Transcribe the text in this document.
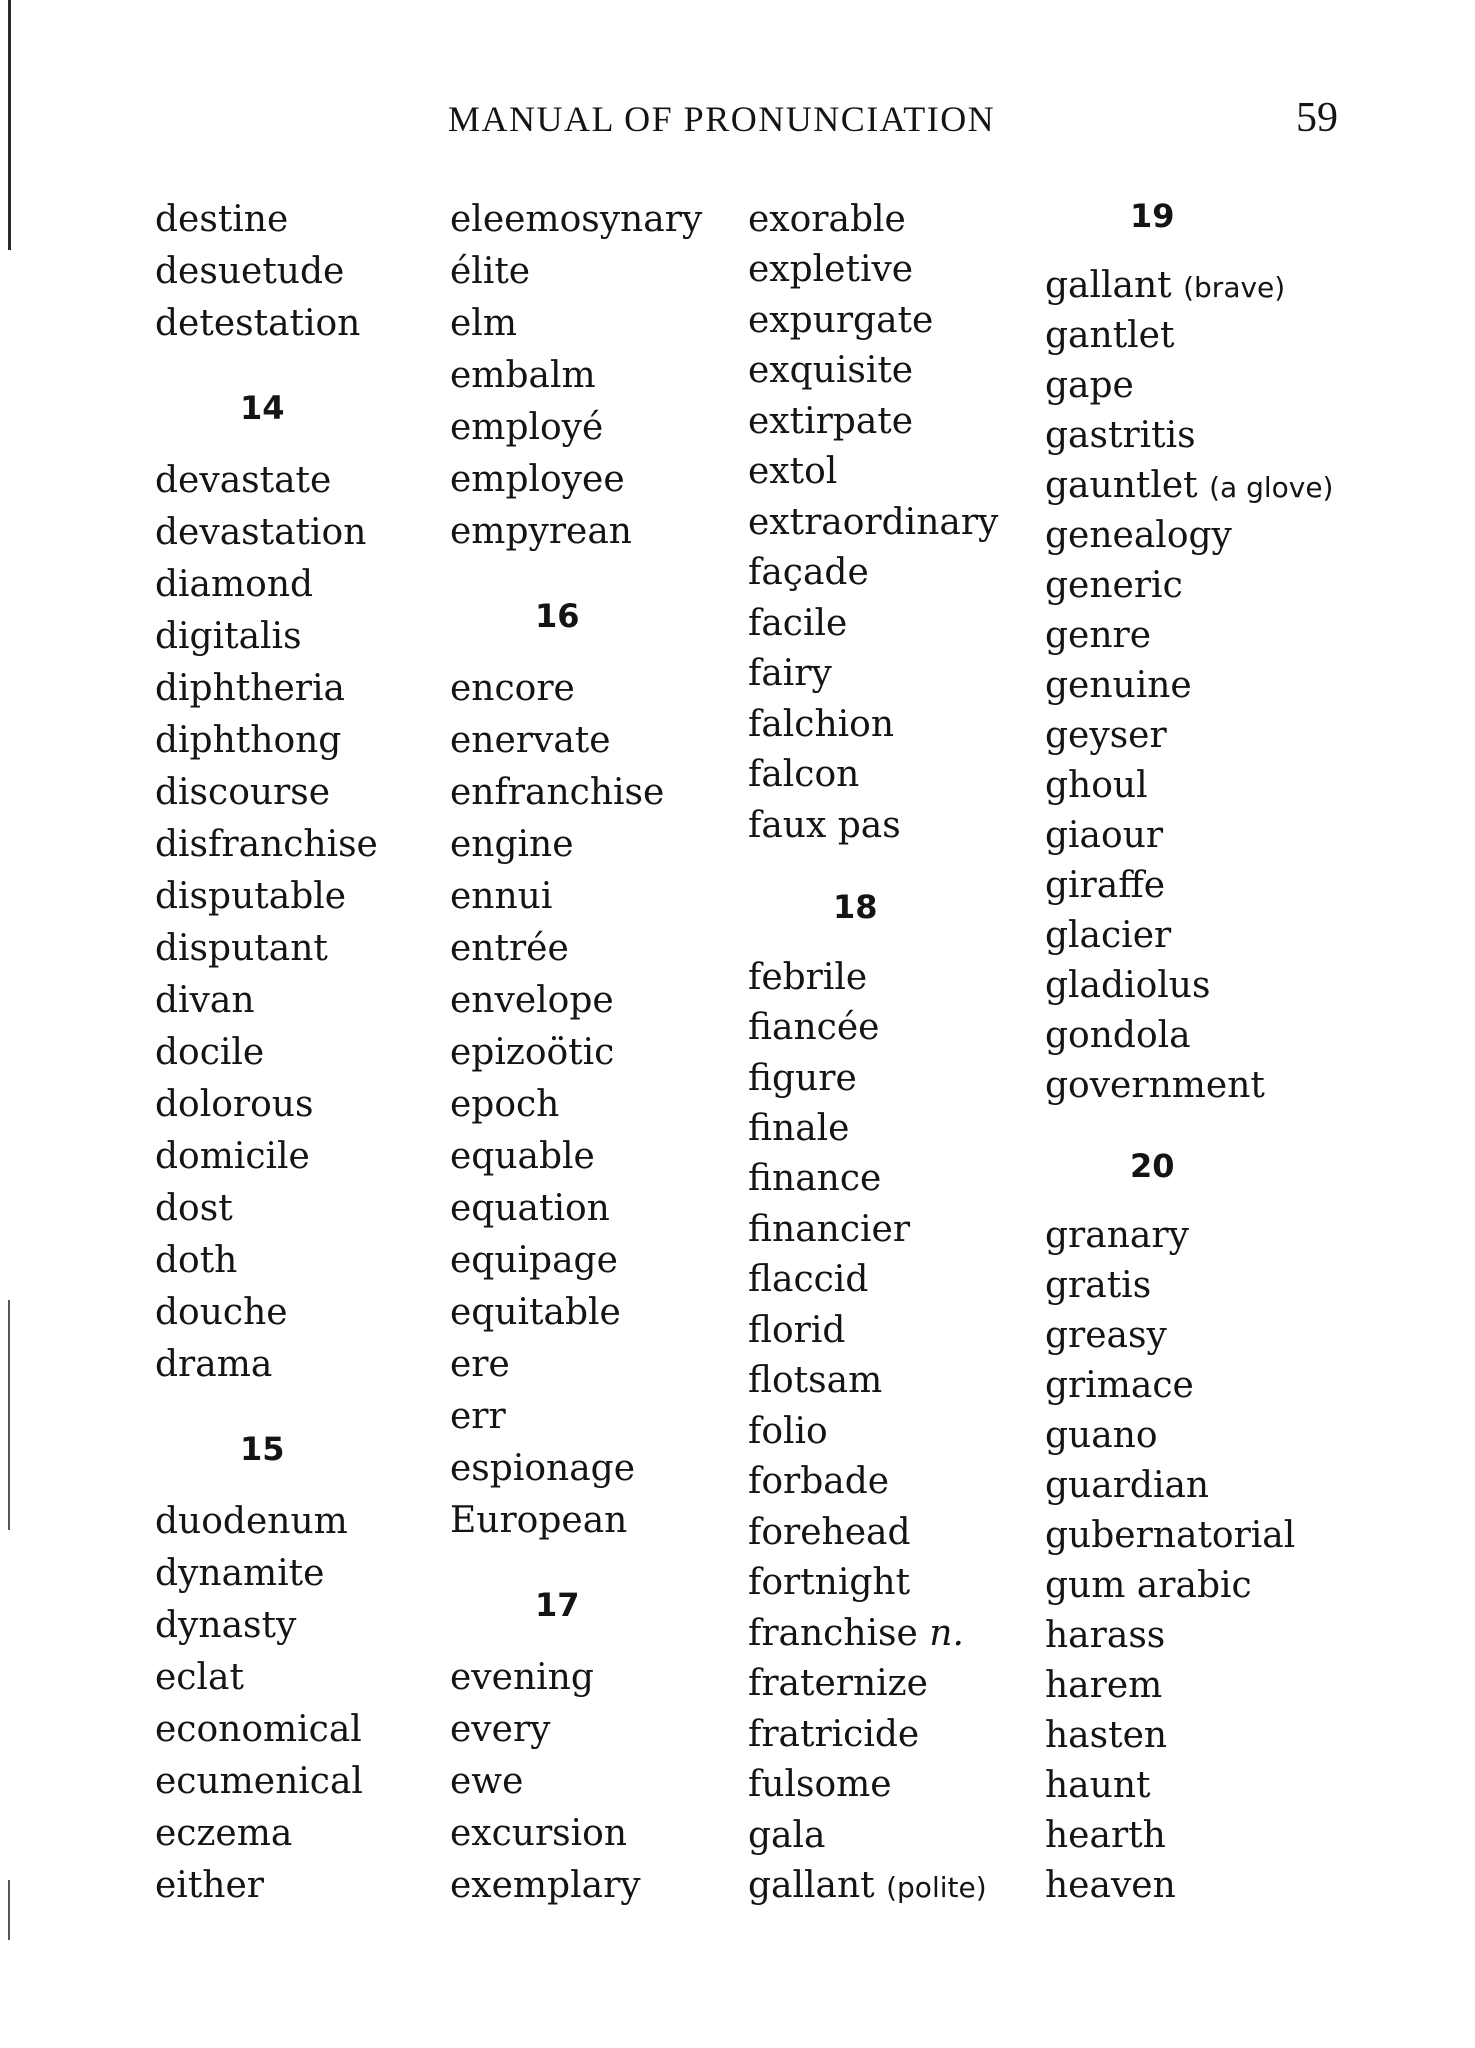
MANUAL OF PRONUNCIATION	59
destine
desuetude
detestation
14
devastate
devastation
diamond
digitalis
diphtheria
diphthong
discourse
disfranchise
disputable
disputant
divan
docile
dolorous
domicile
dost
doth
douche
drama
15
duodenum
dynamite
dynasty
eclat
economical
ecumenical
eczema
either
eleemosynary
élite
elm
embalm
employé
employee
empyrean
16
encore
enervate
enfranchise
engine
ennui
entrée
envelope
epizoötic
epoch
equable
equation
equipage
equitable
ere
err
espionage
European
17
evening
every
ewe
excursion
exemplary
exorable
expletive
expurgate
exquisite
extirpate
extol
extraordinary
façade
facile
fairy
falchion
falcon
faux pas
18
febrile
fiancée
figure
finale
finance
financier
flaccid
florid
flotsam
folio
forbade
forehead
fortnight
franchise n.
fraternize
fratricide
fulsome
gala
gallant (polite)
19
gallant (brave)
gantlet
gape
gastritis
gauntlet (a glove)
genealogy
generic
genre
genuine
geyser
ghoul
giaour
giraffe
glacier
gladiolus
gondola
government
20
granary
gratis
greasy
grimace
guano
guardian
gubernatorial
gum arabic
harass
harem
hasten
haunt
hearth
heaven
